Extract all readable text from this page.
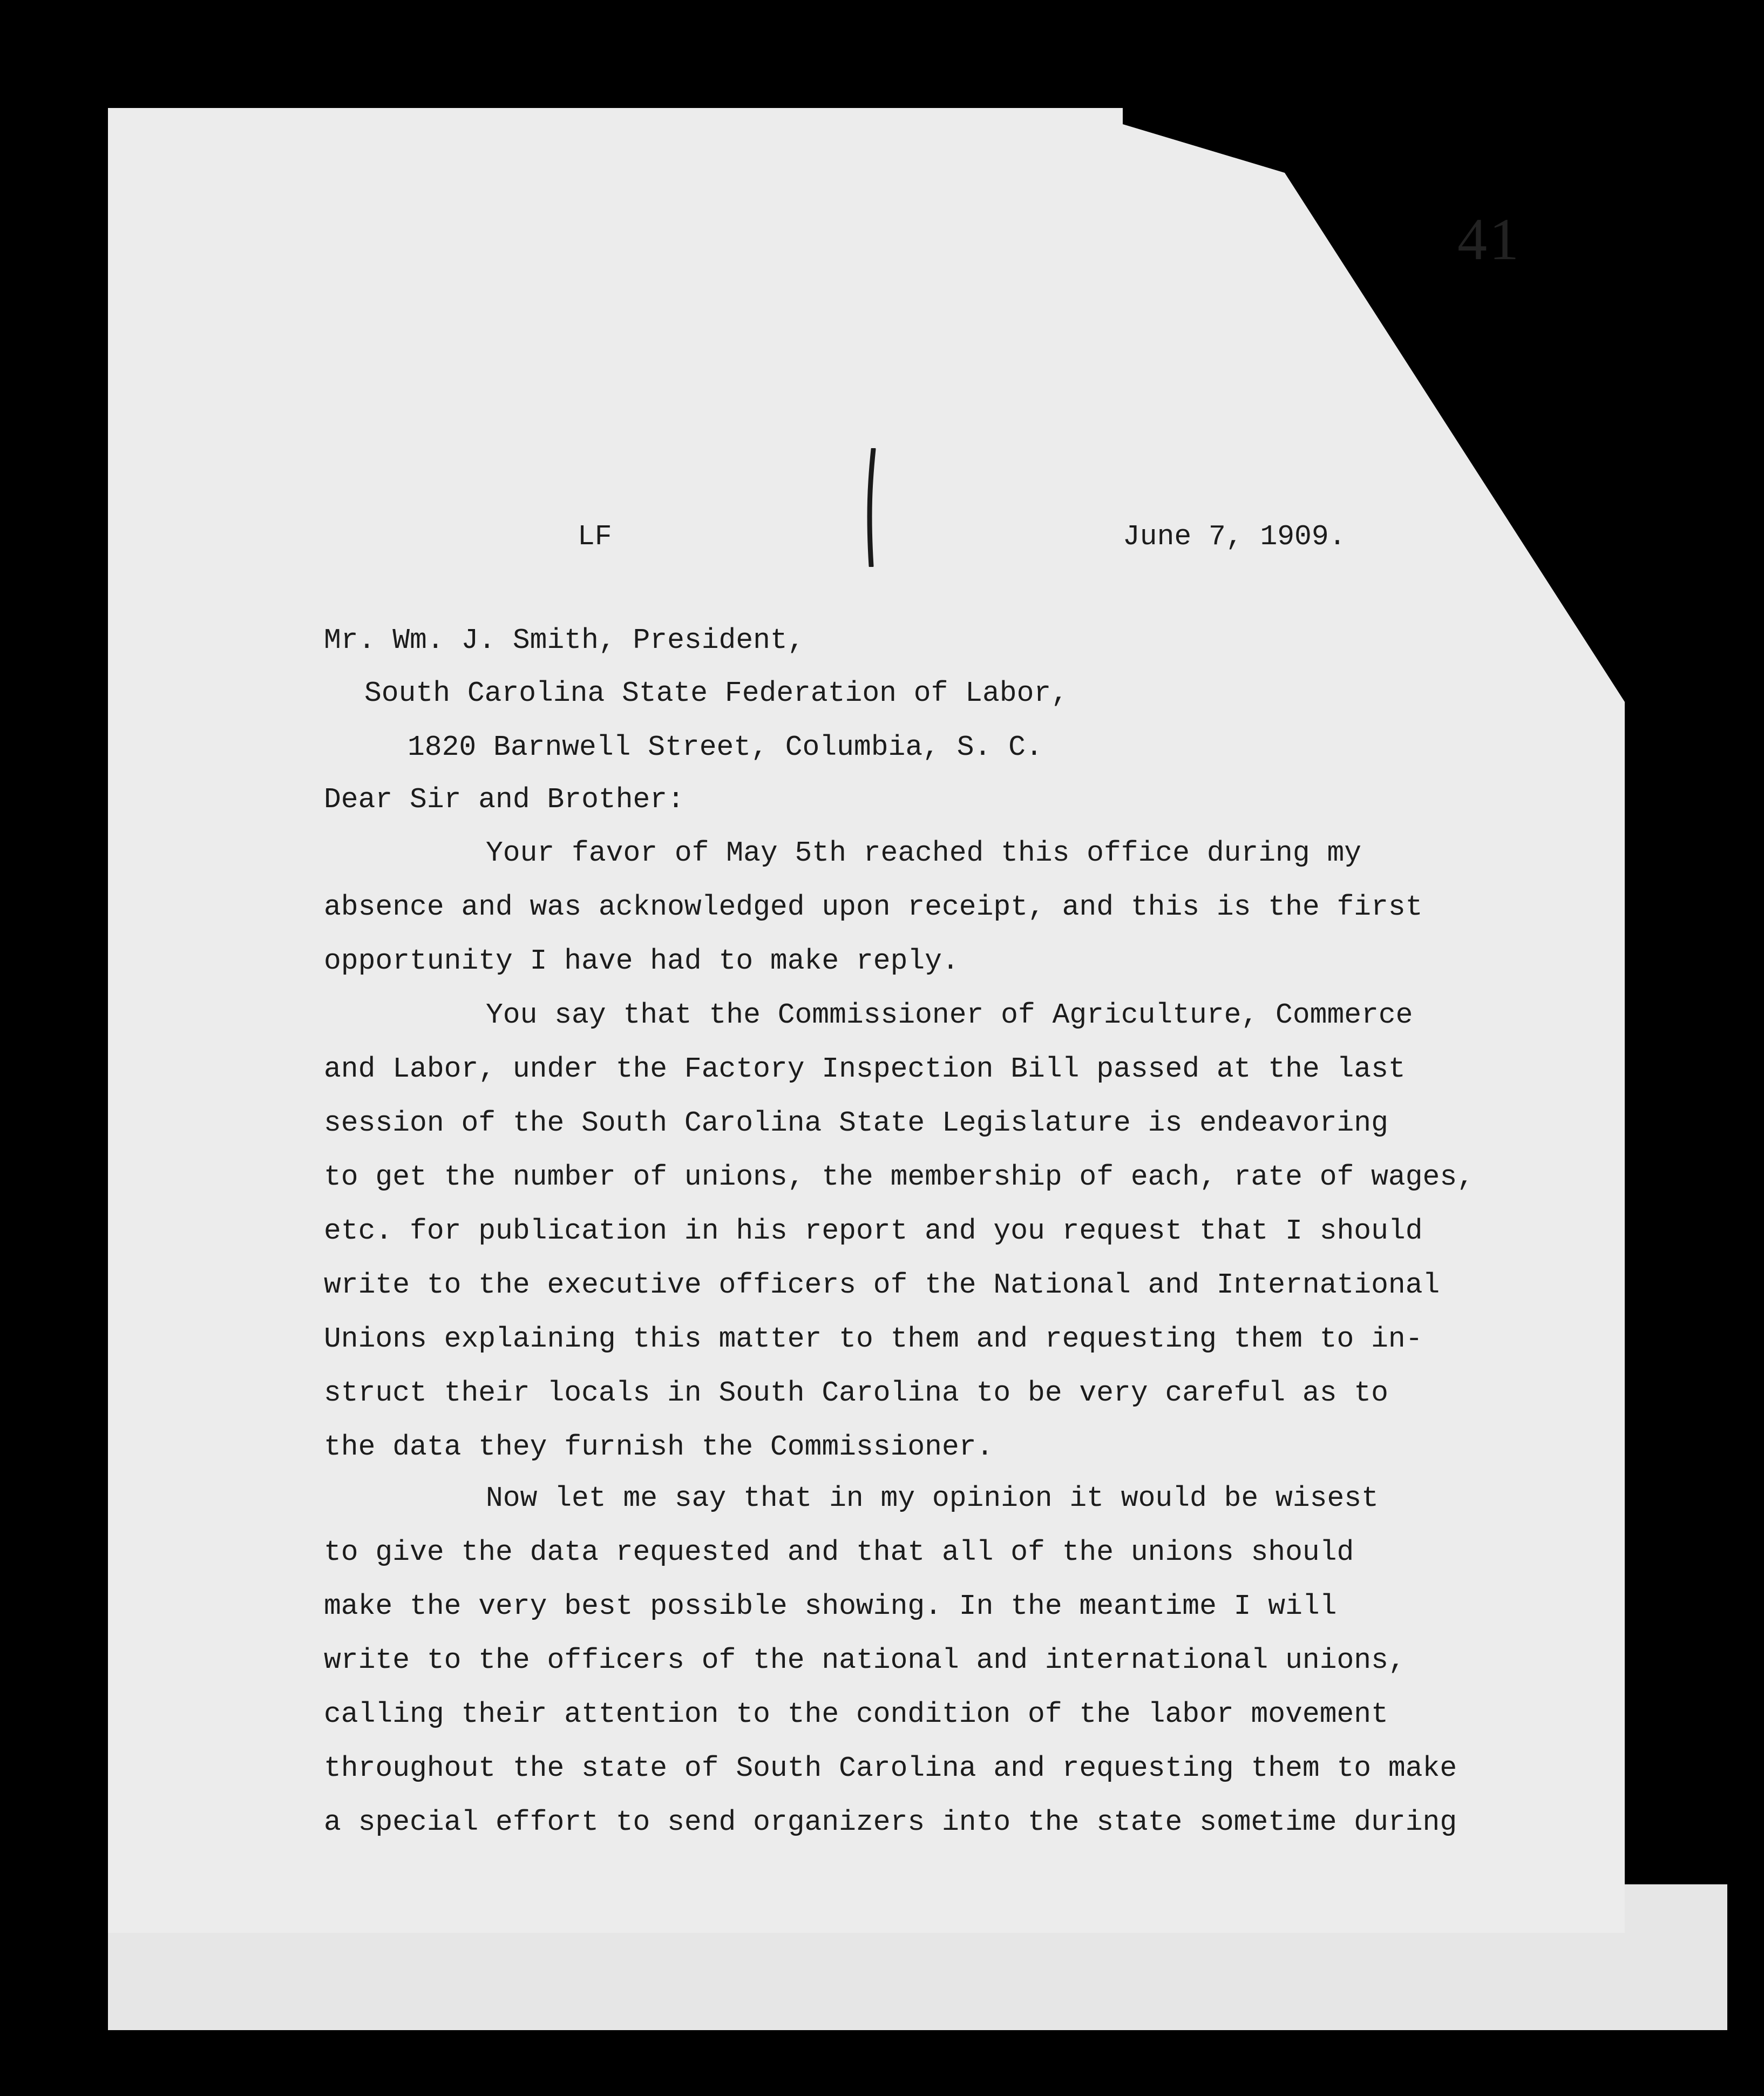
41
LF	June 7, 1909.
Mr. Wm. J. Smith, President,
South Carolina State Federation of Labor,
1820 Barnwell Street, Columbia, S. C.
Dear Sir and Brother:

Your favor of May 5th reached this office during my
absence and was acknowledged upon receipt, and this is the first
opportunity I have had to make reply.

You say that the Commissioner of Agriculture, Commerce
and Labor, under the Factory Inspection Bill passed at the last
session of the South Carolina State Legislature is endeavoring
to get the number of unions, the membership of each, rate of wages,
etc. for publication in his report and you request that I should
write to the executive officers of the National and International
Unions explaining this matter to them and requesting them to in-
struct their locals in South Carolina to be very careful as to
the data they furnish the Commissioner.

Now let me say that in my opinion it would be wisest
to give the data requested and that all of the unions should
make the very best possible showing. In the meantime I will
write to the officers of the national and international unions,
calling their attention to the condition of the labor movement
throughout the state of South Carolina and requesting them to make
a special effort to send organizers into the state sometime during
